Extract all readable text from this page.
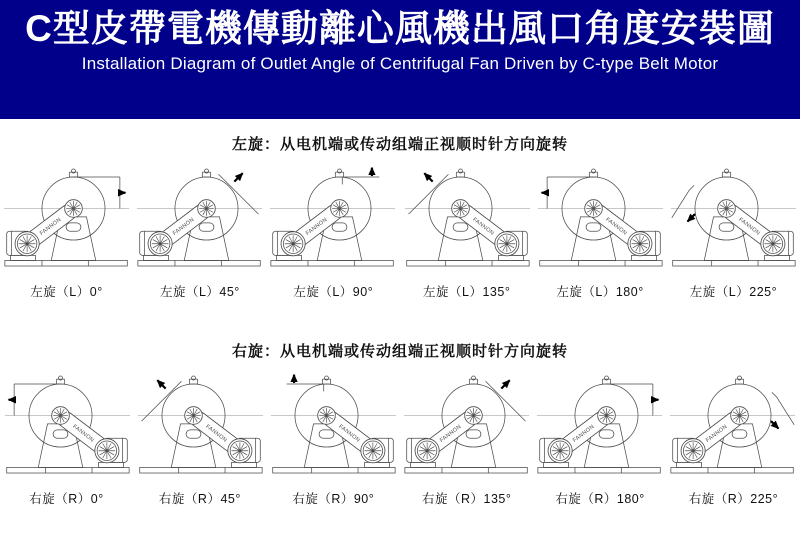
C型皮帶電機傳動離心風機出風口角度安裝圖
Installation Diagram of Outlet Angle of Centrifugal Fan Driven by C-type Belt Motor
左旋：从电机端或传动组端正视顺时针方向旋转
FANNON
左旋（L）0°
FANNON
左旋（L）45°
FANNON
左旋（L）90°
FANNON
左旋（L）135°
FANNON
左旋（L）180°
FANNON
左旋（L）225°
右旋：从电机端或传动组端正视顺时针方向旋转
FANNON
右旋（R）0°
FANNON
右旋（R）45°
FANNON
右旋（R）90°
FANNON
右旋（R）135°
FANNON
右旋（R）180°
FANNON
右旋（R）225°
